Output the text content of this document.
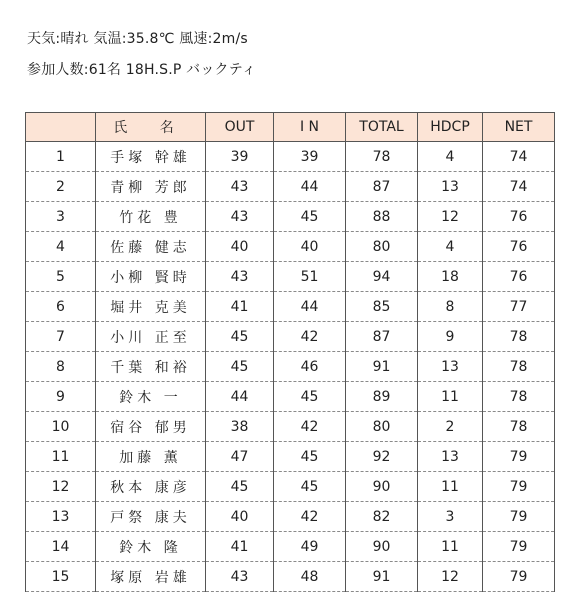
天気:晴れ 気温:35.8℃ 風速:2m/s
参加人数:61名 18H.S.P バックティ
	氏 名	OUT	I N	TOTAL	HDCP	NET
1	手塚 幹雄	39	39	78	4	74
2	青柳 芳郎	43	44	87	13	74
3	竹花 豊	43	45	88	12	76
4	佐藤 健志	40	40	80	4	76
5	小柳 賢時	43	51	94	18	76
6	堀井 克美	41	44	85	8	77
7	小川 正至	45	42	87	9	78
8	千葉 和裕	45	46	91	13	78
9	鈴木 一	44	45	89	11	78
10	宿谷 郁男	38	42	80	2	78
11	加藤 薫	47	45	92	13	79
12	秋本 康彦	45	45	90	11	79
13	戸祭 康夫	40	42	82	3	79
14	鈴木 隆	41	49	90	11	79
15	塚原 岩雄	43	48	91	12	79
